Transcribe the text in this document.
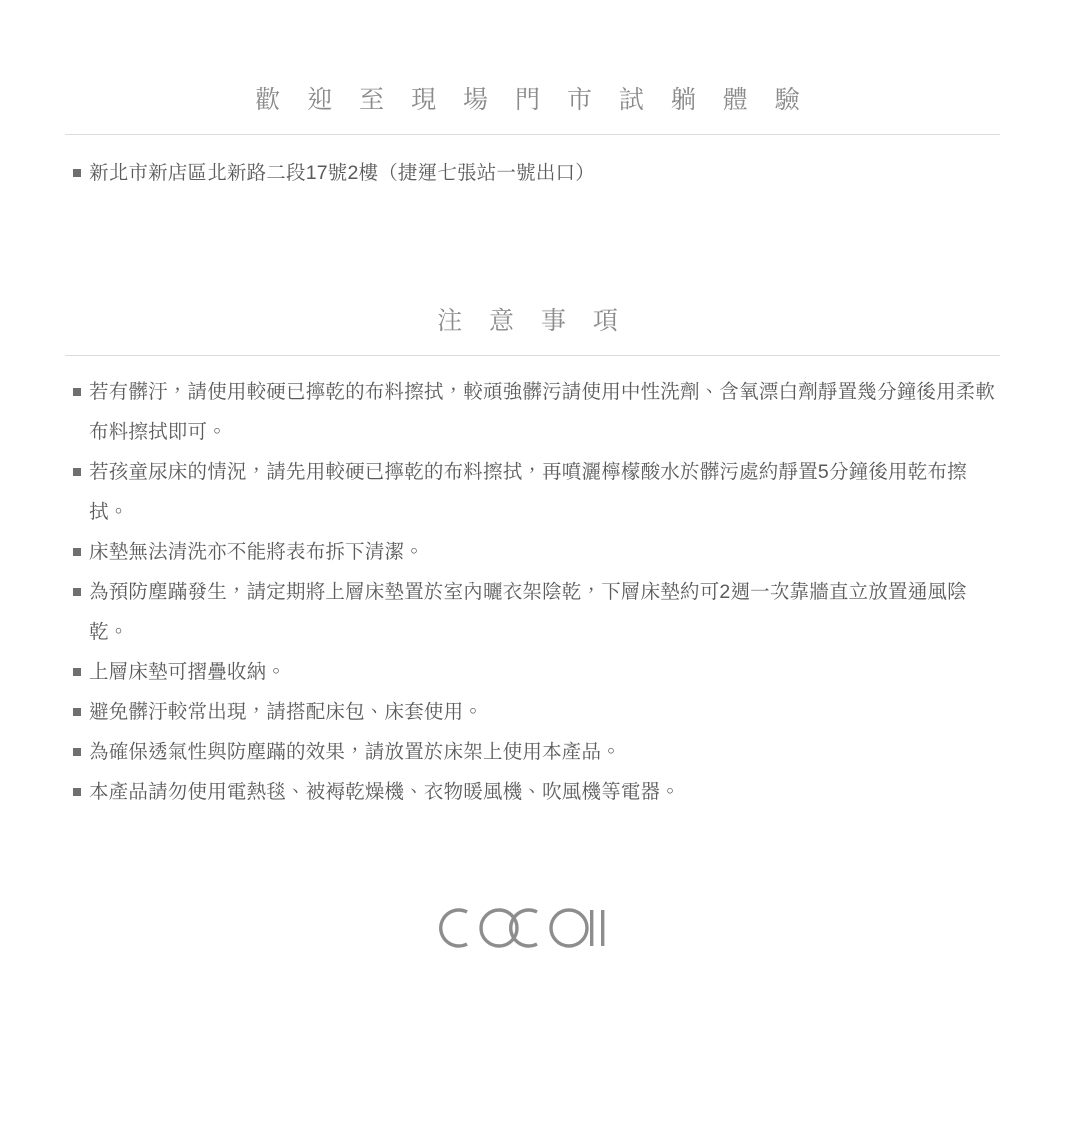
歡 迎 至 現 場 門 市 試 躺 體 驗
新北市新店區北新路二段17號2樓（捷運七張站一號出口）
注 意 事 項
若有髒汙，請使用較硬已擰乾的布料擦拭，較頑強髒污請使用中性洗劑、含氧漂白劑靜置幾分鐘後用柔軟布料擦拭即可。
若孩童尿床的情況，請先用較硬已擰乾的布料擦拭，再噴灑檸檬酸水於髒污處約靜置5分鐘後用乾布擦拭。
床墊無法清洗亦不能將表布拆下清潔。
為預防塵蹣發生，請定期將上層床墊置於室內曬衣架陰乾，下層床墊約可2週一次靠牆直立放置通風陰乾。
上層床墊可摺疊收納。
避免髒汙較常出現，請搭配床包、床套使用。
為確保透氣性與防塵蹣的效果，請放置於床架上使用本產品。
本產品請勿使用電熱毯、被褥乾燥機、衣物暖風機、吹風機等電器。
